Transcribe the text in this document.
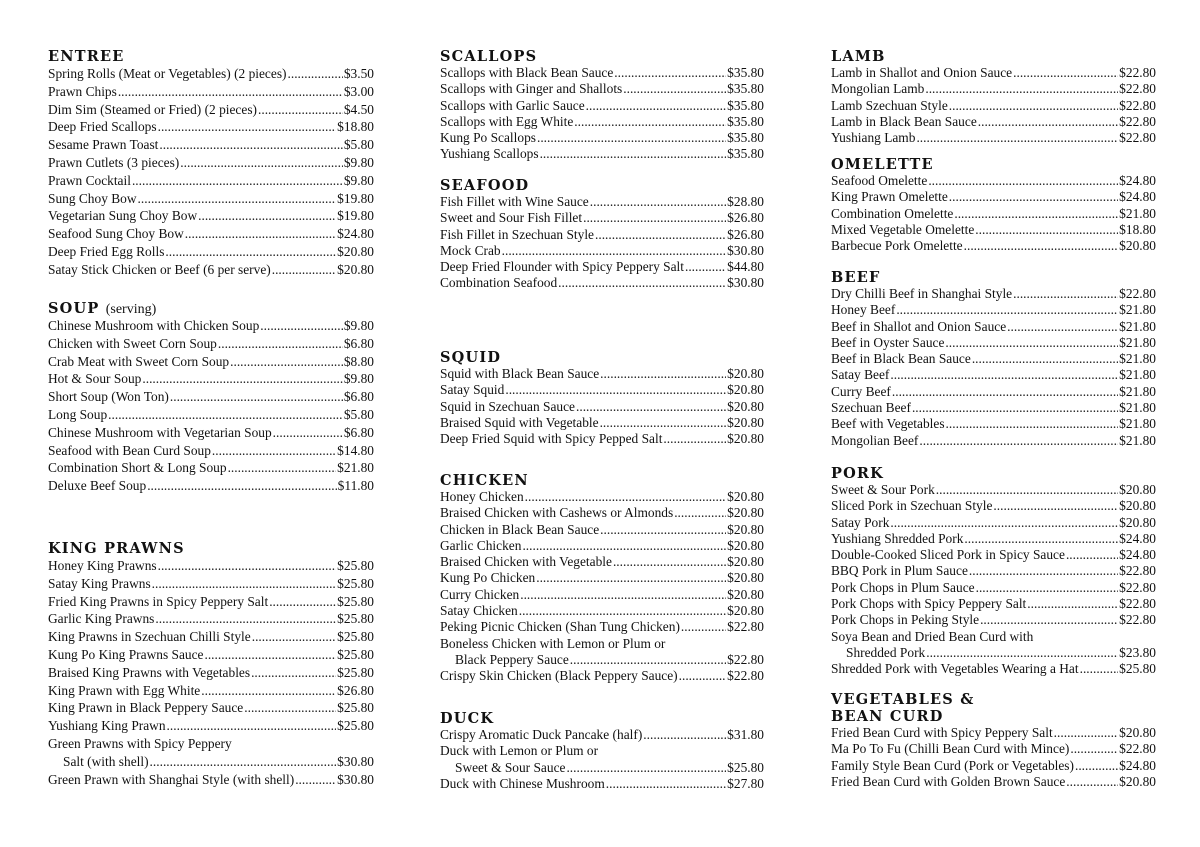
ENTREE
Spring Rolls (Meat or Vegetables) (2 pieces) .....	$3.50
Prawn Chips .....	$3.00
Dim Sim (Steamed or Fried) (2 pieces) .....	$4.50
Deep Fried Scallops .....	$18.80
Sesame Prawn Toast .....	$5.80
Prawn Cutlets (3 pieces) .....	$9.80
Prawn Cocktail .....	$9.80
Sung Choy Bow .....	$19.80
Vegetarian Sung Choy Bow .....	$19.80
Seafood Sung Choy Bow .....	$24.80
Deep Fried Egg Rolls .....	$20.80
Satay Stick Chicken or Beef (6 per serve) .....	$20.80
SOUP (serving)
Chinese Mushroom with Chicken Soup .....	$9.80
Chicken with Sweet Corn Soup .....	$6.80
Crab Meat with Sweet Corn Soup .....	$8.80
Hot & Sour Soup .....	$9.80
Short Soup (Won Ton) .....	$6.80
Long Soup .....	$5.80
Chinese Mushroom with Vegetarian Soup .....	$6.80
Seafood with Bean Curd Soup .....	$14.80
Combination Short & Long Soup .....	$21.80
Deluxe Beef Soup .....	$11.80
KING PRAWNS
Honey King Prawns .....	$25.80
Satay King Prawns .....	$25.80
Fried King Prawns in Spicy Peppery Salt .....	$25.80
Garlic King Prawns .....	$25.80
King Prawns in Szechuan Chilli Style .....	$25.80
Kung Po King Prawns Sauce .....	$25.80
Braised King Prawns with Vegetables .....	$25.80
King Prawn with Egg White .....	$26.80
King Prawn in Black Peppery Sauce .....	$25.80
Yushiang King Prawn .....	$25.80
Green Prawns with Spicy Peppery
Salt (with shell) .....	$30.80
Green Prawn with Shanghai Style (with shell) .....	$30.80
SCALLOPS
Scallops with Black Bean Sauce .....	$35.80
Scallops with Ginger and Shallots .....	$35.80
Scallops with Garlic Sauce .....	$35.80
Scallops with Egg White .....	$35.80
Kung Po Scallops .....	$35.80
Yushiang Scallops .....	$35.80
SEAFOOD
Fish Fillet with Wine Sauce .....	$28.80
Sweet and Sour Fish Fillet .....	$26.80
Fish Fillet in Szechuan Style .....	$26.80
Mock Crab .....	$30.80
Deep Fried Flounder with Spicy Peppery Salt .....	$44.80
Combination Seafood .....	$30.80
SQUID
Squid with Black Bean Sauce .....	$20.80
Satay Squid .....	$20.80
Squid in Szechuan Sauce .....	$20.80
Braised Squid with Vegetable .....	$20.80
Deep Fried Squid with Spicy Pepped Salt .....	$20.80
CHICKEN
Honey Chicken .....	$20.80
Braised Chicken with Cashews or Almonds .....	$20.80
Chicken in Black Bean Sauce .....	$20.80
Garlic Chicken .....	$20.80
Braised Chicken with Vegetable .....	$20.80
Kung Po Chicken .....	$20.80
Curry Chicken .....	$20.80
Satay Chicken .....	$20.80
Peking Picnic Chicken (Shan Tung Chicken) .....	$22.80
Boneless Chicken with Lemon or Plum or
Black Peppery Sauce .....	$22.80
Crispy Skin Chicken (Black Peppery Sauce) .....	$22.80
DUCK
Crispy Aromatic Duck Pancake (half) .....	$31.80
Duck with Lemon or Plum or
Sweet & Sour Sauce .....	$25.80
Duck with Chinese Mushroom .....	$27.80
LAMB
Lamb in Shallot and Onion Sauce .....	$22.80
Mongolian Lamb .....	$22.80
Lamb Szechuan Style .....	$22.80
Lamb in Black Bean Sauce .....	$22.80
Yushiang Lamb .....	$22.80
OMELETTE
Seafood Omelette .....	$24.80
King Prawn Omelette .....	$24.80
Combination Omelette .....	$21.80
Mixed Vegetable Omelette .....	$18.80
Barbecue Pork Omelette .....	$20.80
BEEF
Dry Chilli Beef in Shanghai Style .....	$22.80
Honey Beef .....	$21.80
Beef in Shallot and Onion Sauce .....	$21.80
Beef in Oyster Sauce .....	$21.80
Beef in Black Bean Sauce .....	$21.80
Satay Beef .....	$21.80
Curry Beef .....	$21.80
Szechuan Beef .....	$21.80
Beef with Vegetables .....	$21.80
Mongolian Beef .....	$21.80
PORK
Sweet & Sour Pork .....	$20.80
Sliced Pork in Szechuan Style .....	$20.80
Satay Pork .....	$20.80
Yushiang Shredded Pork .....	$24.80
Double-Cooked Sliced Pork in Spicy Sauce .....	$24.80
BBQ Pork in Plum Sauce .....	$22.80
Pork Chops in Plum Sauce .....	$22.80
Pork Chops with Spicy Peppery Salt .....	$22.80
Pork Chops in Peking Style .....	$22.80
Soya Bean and Dried Bean Curd with
Shredded Pork .....	$23.80
Shredded Pork with Vegetables Wearing a Hat .....	$25.80
VEGETABLES &
BEAN CURD
Fried Bean Curd with Spicy Peppery Salt .....	$20.80
Ma Po To Fu (Chilli Bean Curd with Mince) .....	$22.80
Family Style Bean Curd (Pork or Vegetables) .....	$24.80
Fried Bean Curd with Golden Brown Sauce .....	$20.80
